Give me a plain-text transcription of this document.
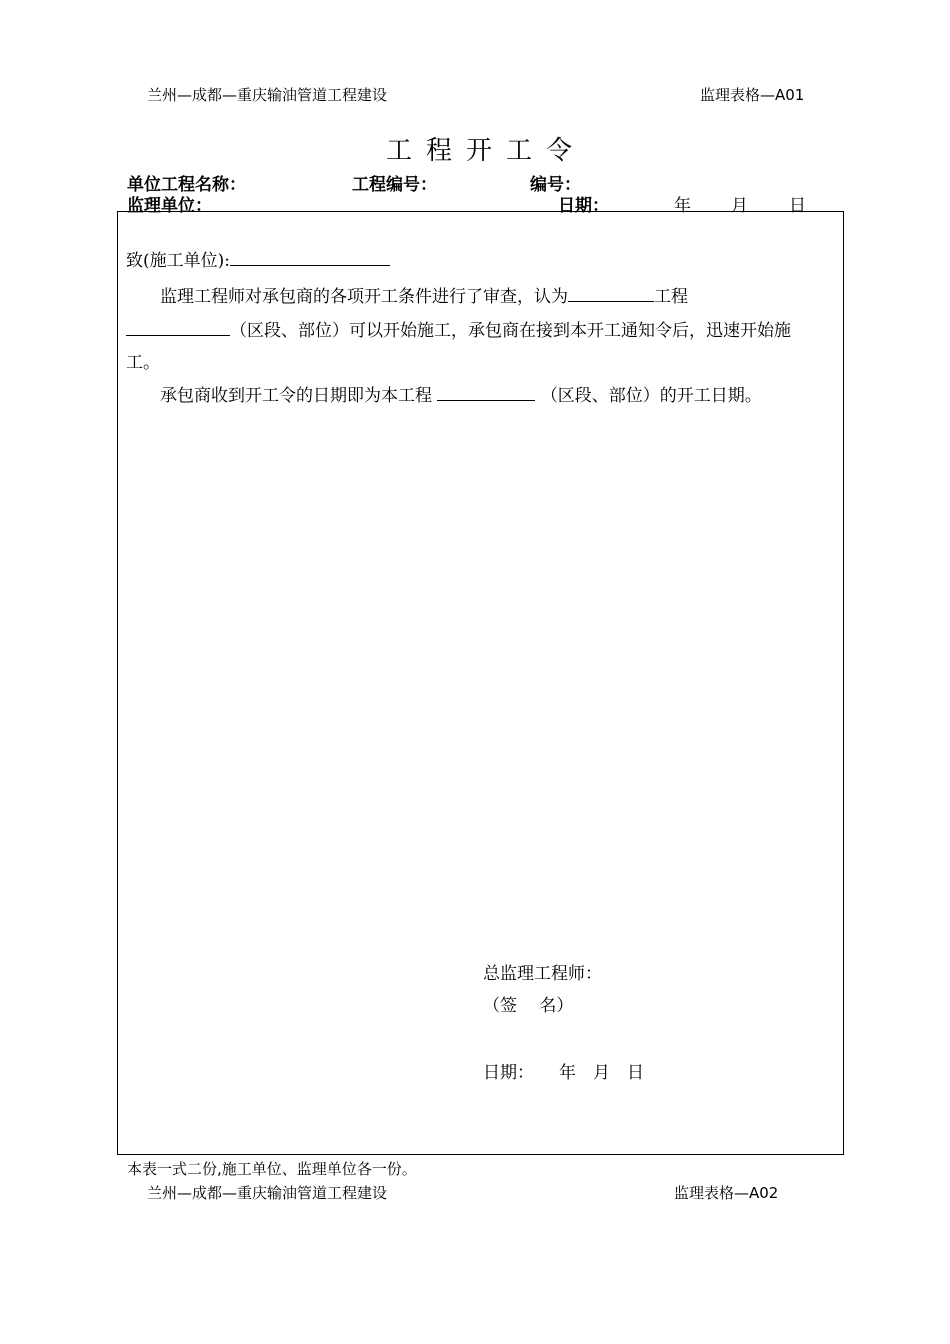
兰州—成都—重庆输油管道工程建设	监理表格—A01
工程开工令
单位工程名称：	工程编号：	编号：
监理单位：	日期：	年 月 日
致(施工单位):
监理工程师对承包商的各项开工条件进行了审查，认为	工程
（区段、部位）可以开始施工，承包商在接到本开工通知令后，迅速开始施
工。
承包商收到开工令的日期即为本工程	（区段、部位）的开工日期。
总监理工程师：
（签　 名）
日期： 年 月 日
本表一式二份,施工单位、监理单位各一份。
兰州—成都—重庆输油管道工程建设	监理表格—A02
